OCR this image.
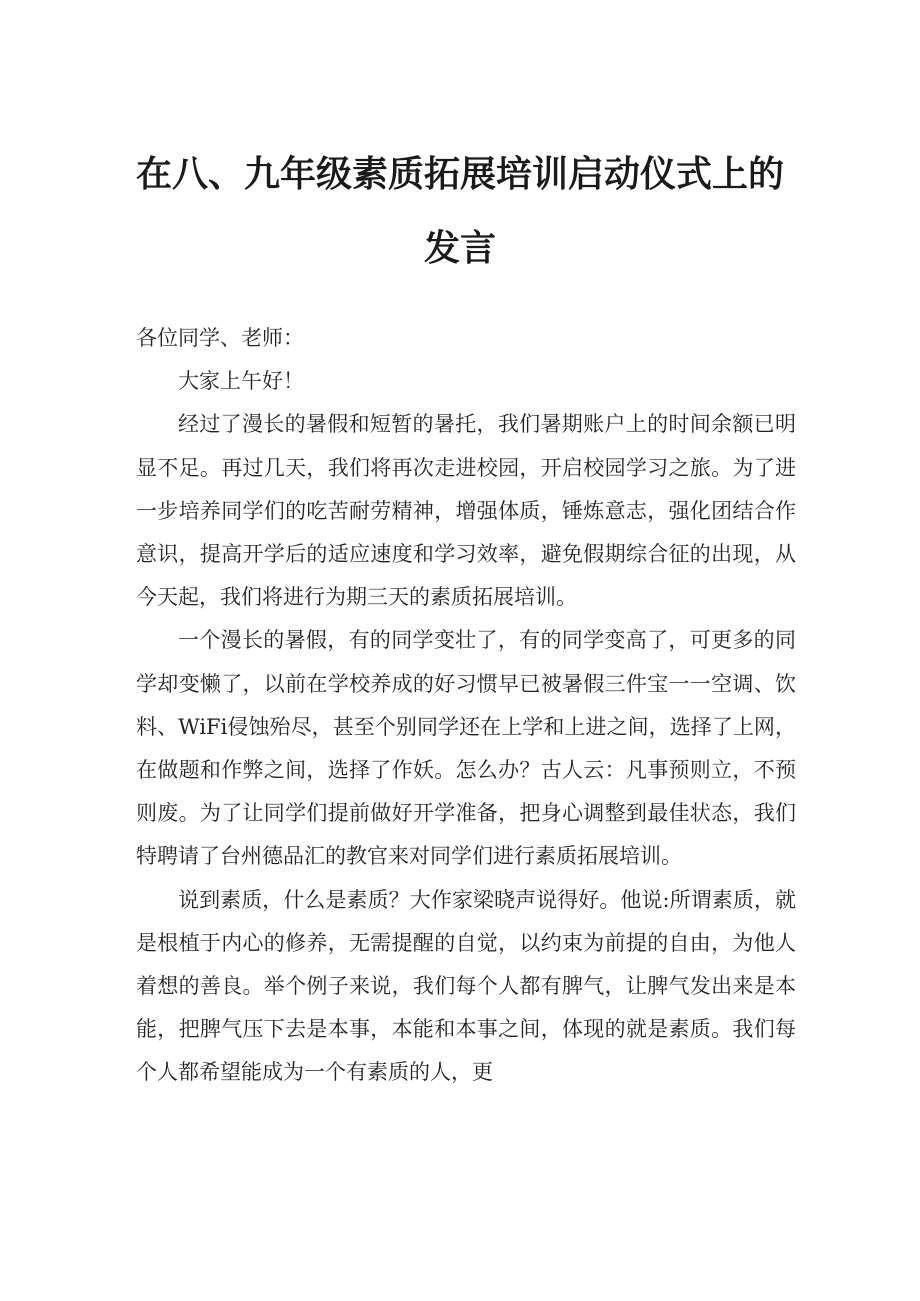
在八、九年级素质拓展培训启动仪式上的
发言

各位同学、老师：

大家上午好！

经过了漫长的暑假和短暂的暑托，我们暑期账户上的时间余额已明显不足。再过几天，我们将再次走进校园，开启校园学习之旅。为了进一步培养同学们的吃苦耐劳精神，增强体质，锤炼意志，强化团结合作意识，提高开学后的适应速度和学习效率，避免假期综合征的出现，从今天起，我们将进行为期三天的素质拓展培训。

一个漫长的暑假，有的同学变壮了，有的同学变高了，可更多的同学却变懒了，以前在学校养成的好习惯早已被暑假三件宝一一空调、饮料、WiFi侵蚀殆尽，甚至个别同学还在上学和上进之间，选择了上网，在做题和作弊之间，选择了作妖。怎么办？古人云：凡事预则立，不预则废。为了让同学们提前做好开学准备，把身心调整到最佳状态，我们特聘请了台州德品汇的教官来对同学们进行素质拓展培训。

说到素质，什么是素质？大作家梁晓声说得好。他说:所谓素质，就是根植于内心的修养，无需提醒的自觉，以约束为前提的自由，为他人着想的善良。举个例子来说，我们每个人都有脾气，让脾气发出来是本能，把脾气压下去是本事，本能和本事之间，体现的就是素质。我们每个人都希望能成为一个有素质的人，更
